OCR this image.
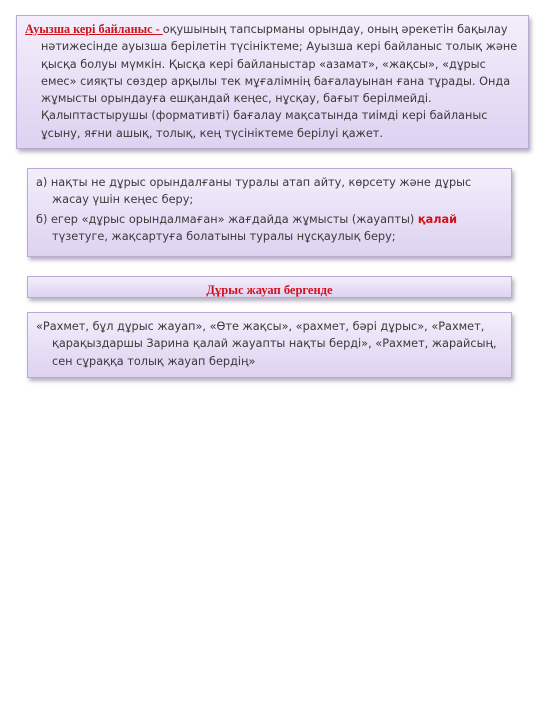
Ауызша кері байланыс - оқушының тапсырманы орындау, оның әрекетін бақылау нәтижесінде ауызша берілетін түсініктеме; Ауызша кері байланыс толық және қысқа болуы мүмкін. Қысқа кері байланыстар «азамат», «жақсы», «дұрыс емес» сияқты сөздер арқылы тек мұғалімнің бағалауынан ғана тұрады. Онда жұмысты орындауға ешқандай кеңес, нұсқау, бағыт берілмейді. Қалыптастырушы (формативті) бағалау мақсатында тиімді кері байланыс ұсыну, яғни ашық, толық, кең түсініктеме берілуі қажет.

а) нақты не дұрыс орындалғаны туралы атап айту, көрсету және дұрыс жасау үшін кеңес беру;

б) егер «дұрыс орындалмаған» жағдайда жұмысты (жауапты) қалай түзетуге, жақсартуға болатыны туралы нұсқаулық беру;

Дұрыс жауап бергенде

«Рахмет, бұл дұрыс жауап», «Өте жақсы», «рахмет, бәрі дұрыс», «Рахмет, қарақыздаршы Зарина қалай жауапты нақты берді», «Рахмет, жарайсың, сен сұраққа толық жауап бердің»
